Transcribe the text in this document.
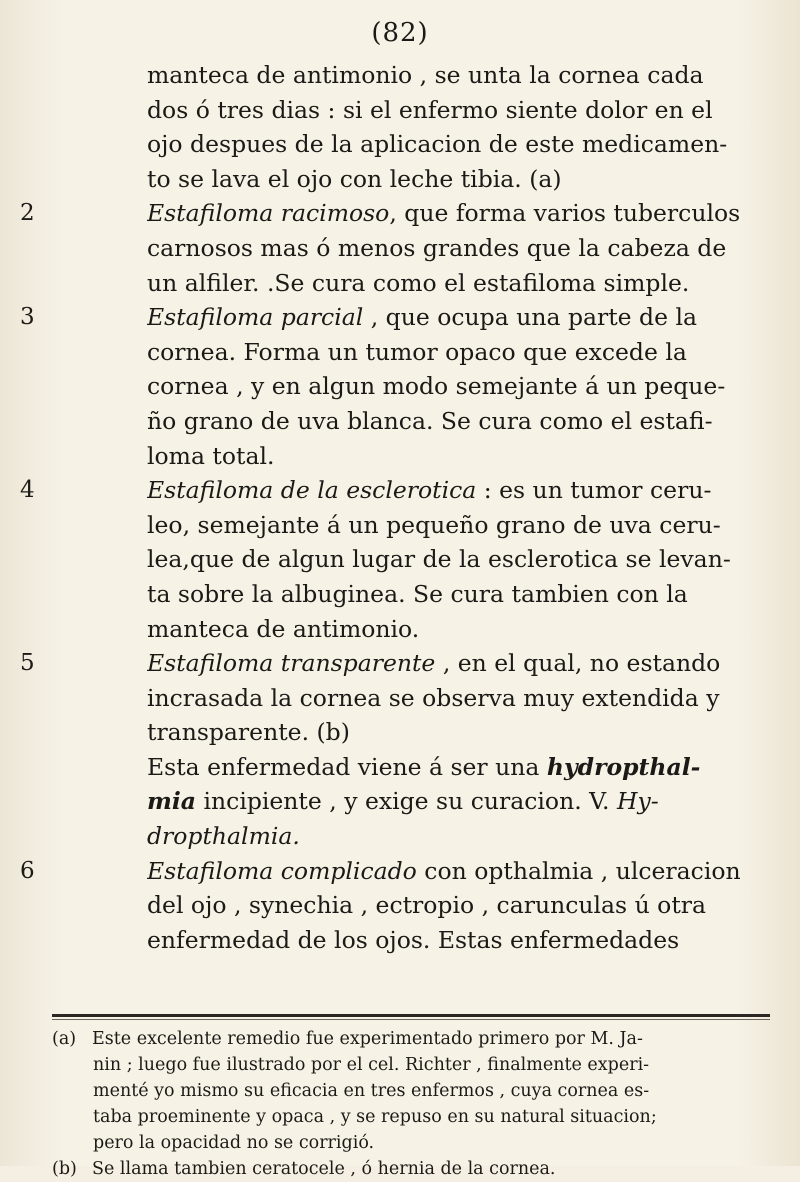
(82)
manteca de antimonio , se unta la cornea cada
dos ó tres dias : si el enfermo siente dolor en el
ojo despues de la aplicacion de este medicamen-
to se lava el ojo con leche tibia. (a)
2	Estafiloma racimoso, que forma varios tuberculos
carnosos mas ó menos grandes que la cabeza de
un alfiler. .Se cura como el estafiloma simple.
3	Estafiloma parcial , que ocupa una parte de la
cornea. Forma un tumor opaco que excede la
cornea , y en algun modo semejante á un peque-
ño grano de uva blanca. Se cura como el estafi-
loma total.
4	Estafiloma de la esclerotica : es un tumor ceru-
leo, semejante á un pequeño grano de uva ceru-
lea,que de algun lugar de la esclerotica se levan-
ta sobre la albuginea. Se cura tambien con la
manteca de antimonio.
5	Estafiloma transparente , en el qual, no estando
incrasada la cornea se observa muy extendida y
transparente. (b)
Esta enfermedad viene á ser una hydropthal-
mia incipiente , y exige su curacion. V. Hy-
dropthalmia.
6	Estafiloma complicado con opthalmia , ulceracion
del ojo , synechia , ectropio , carunculas ú otra
enfermedad de los ojos. Estas enfermedades
(a) Este excelente remedio fue experimentado primero por M. Ja-
nin ; luego fue ilustrado por el cel. Richter , finalmente experi-
menté yo mismo su eficacia en tres enfermos , cuya cornea es-
taba proeminente y opaca , y se repuso en su natural situacion;
pero la opacidad no se corrigió.
(b) Se llama tambien ceratocele , ó hernia de la cornea.
